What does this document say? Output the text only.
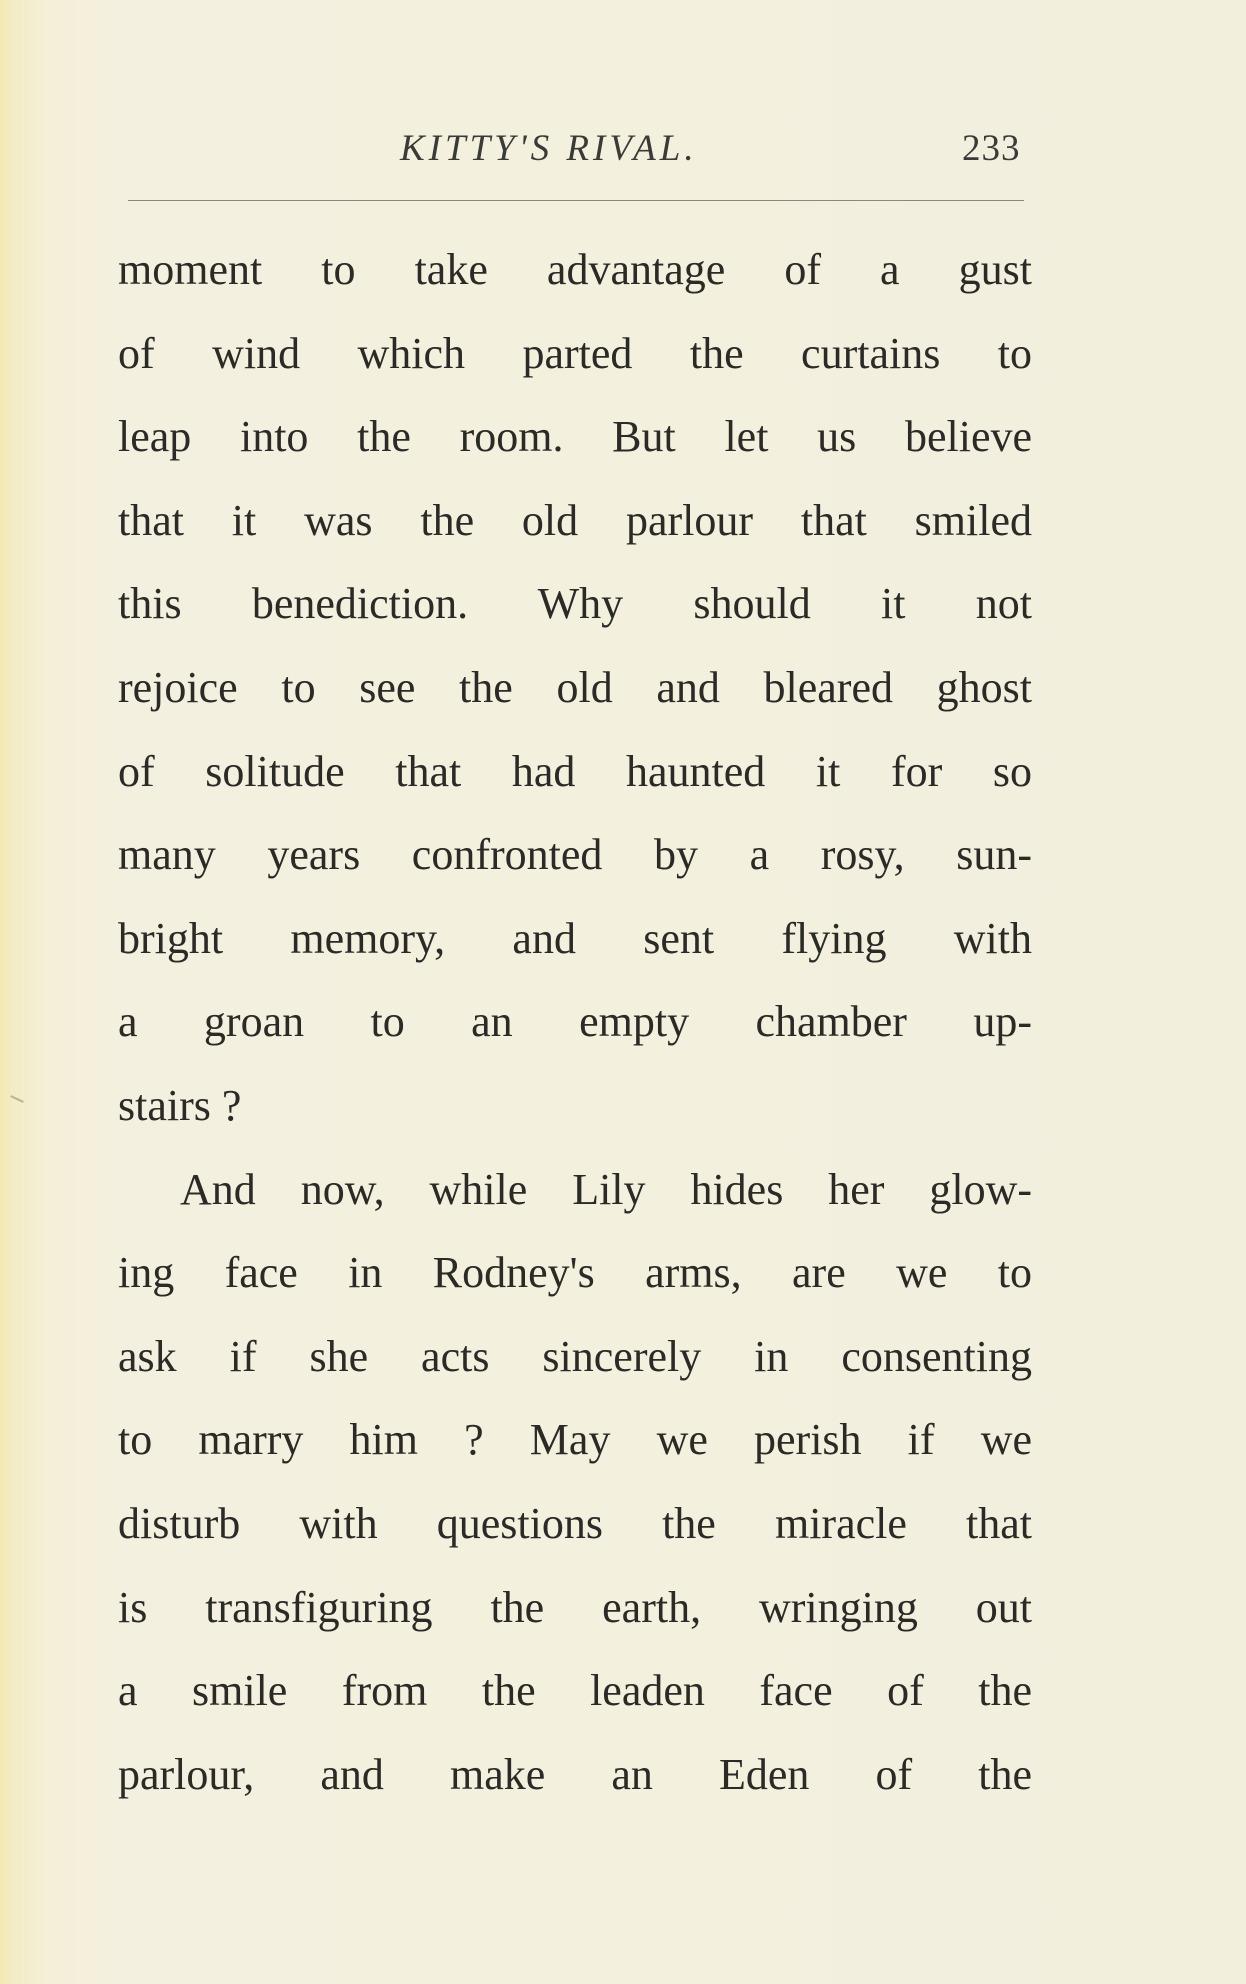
KITTY'S RIVAL.	233
moment to take advantage of a gust
of wind which parted the curtains to
leap into the room. But let us believe
that it was the old parlour that smiled
this benediction. Why should it not
rejoice to see the old and bleared ghost
of solitude that had haunted it for so
many years confronted by a rosy, sun-
bright memory, and sent flying with
a groan to an empty chamber up-
stairs ?
And now, while Lily hides her glow-
ing face in Rodney's arms, are we to
ask if she acts sincerely in consenting
to marry him ? May we perish if we
disturb with questions the miracle that
is transfiguring the earth, wringing out
a smile from the leaden face of the
parlour, and make an Eden of the
